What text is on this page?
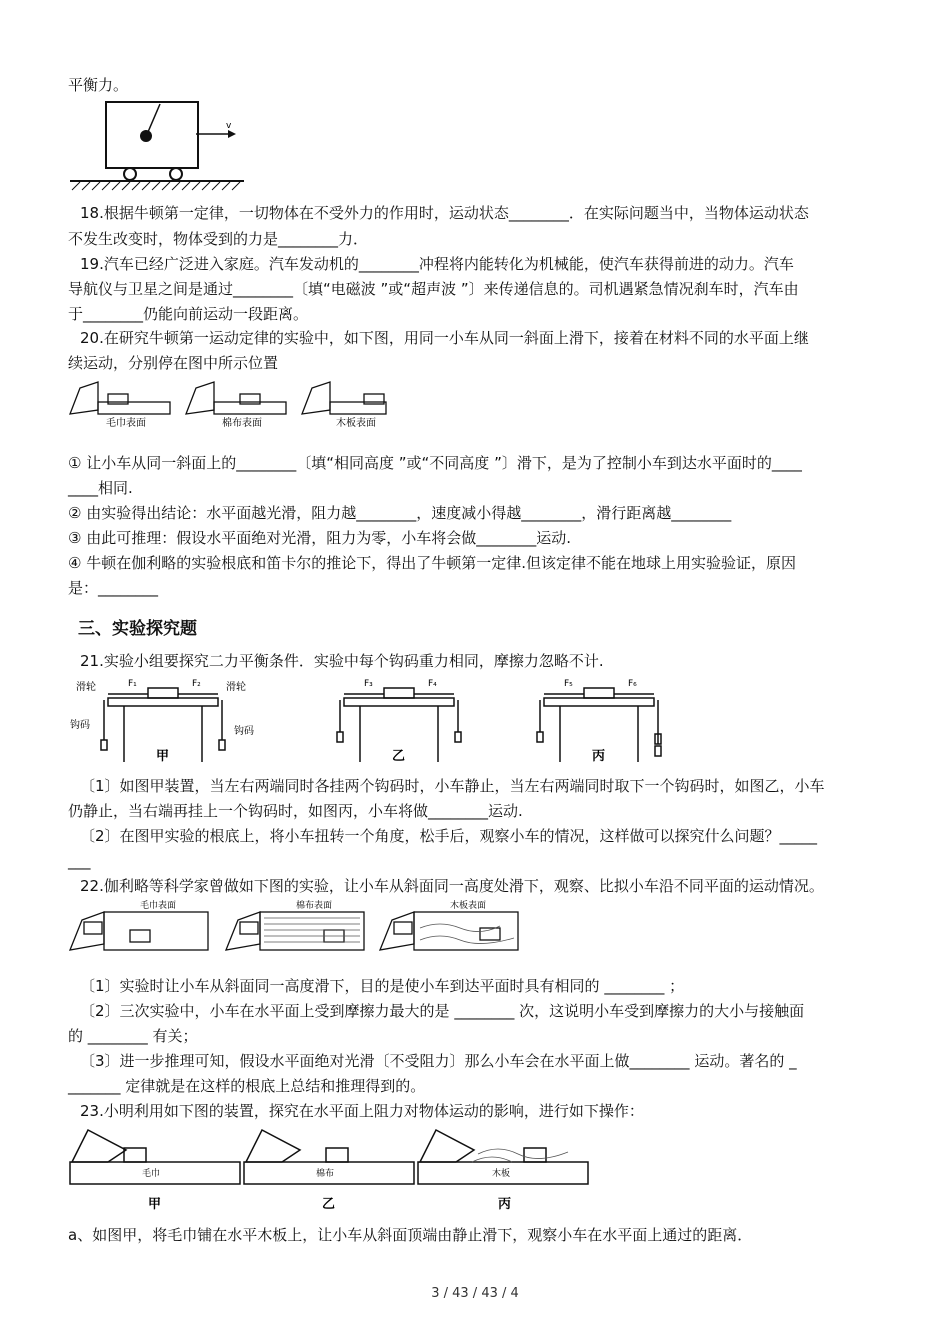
平衡力。
v
18.根据牛顿第一定律，一切物体在不受外力的作用时，运动状态________．在实际问题当中，当物体运动状态
不发生改变时，物体受到的力是________力．
19.汽车已经广泛进入家庭。汽车发动机的________冲程将内能转化为机械能，使汽车获得前进的动力。汽车
导航仪与卫星之间是通过________〔填“电磁波 ”或“超声波 ”〕来传递信息的。司机遇紧急情况刹车时，汽车由
于________仍能向前运动一段距离。
20.在研究牛顿第一运动定律的实验中，如下图，用同一小车从同一斜面上滑下，接着在材料不同的水平面上继
续运动，分别停在图中所示位置
毛巾表面	棉布表面	木板表面
① 让小车从同一斜面上的________〔填“相同高度 ”或“不同高度 ”〕滑下，是为了控制小车到达水平面时的____
____相同.
② 由实验得出结论：水平面越光滑，阻力越________，速度减小得越________，滑行距离越________
③ 由此可推理：假设水平面绝对光滑，阻力为零，小车将会做________运动.
④ 牛顿在伽利略的实验根底和笛卡尔的推论下，得出了牛顿第一定律.但该定律不能在地球上用实验验证，原因
是：________
三、实验探究题
21.实验小组要探究二力平衡条件．实验中每个钩码重力相同，摩擦力忽略不计.
滑轮	滑轮
钩码
钩码
F₁	F₂	F₃	F₄	F₅	F₆
甲	乙	丙
〔1〕如图甲装置，当左右两端同时各挂两个钩码时，小车静止，当左右两端同时取下一个钩码时，如图乙，小车
仍静止，当右端再挂上一个钩码时，如图丙，小车将做________运动.
〔2〕在图甲实验的根底上，将小车扭转一个角度，松手后，观察小车的情况，这样做可以探究什么问题？_____
___
22.伽利略等科学家曾做如下图的实验，让小车从斜面同一高度处滑下，观察、比拟小车沿不同平面的运动情况。
毛巾表面	棉布表面	木板表面
〔1〕实验时让小车从斜面同一高度滑下，目的是使小车到达平面时具有相同的 ________ ；
〔2〕三次实验中，小车在水平面上受到摩擦力最大的是 ________ 次，这说明小车受到摩擦力的大小与接触面
的 ________ 有关；
〔3〕进一步推理可知，假设水平面绝对光滑〔不受阻力〕那么小车会在水平面上做________ 运动。著名的 _
_______ 定律就是在这样的根底上总结和推理得到的。
23.小明利用如下图的装置，探究在水平面上阻力对物体运动的影响，进行如下操作：
毛巾	棉布	木板
甲	乙	丙
a、如图甲，将毛巾铺在水平木板上，让小车从斜面顶端由静止滑下，观察小车在水平面上通过的距离．
3 / 43 / 43 / 4
